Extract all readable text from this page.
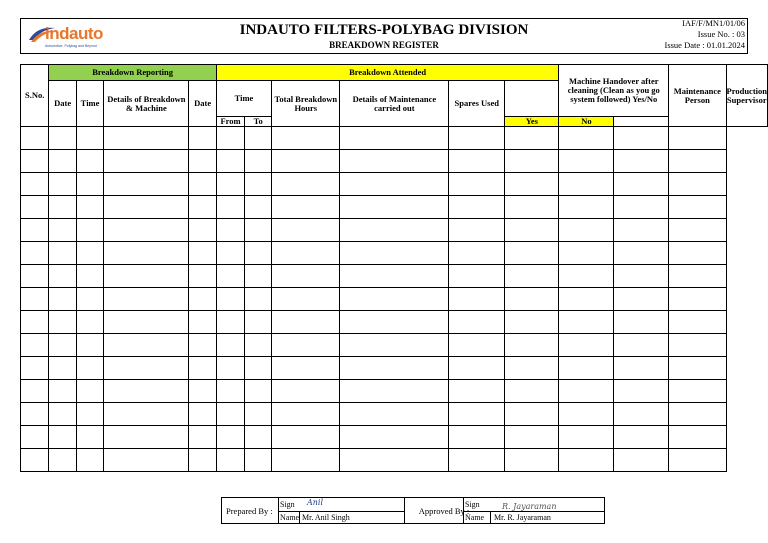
indauto
Automotive, Polybag and Beyond
INDAUTO FILTERS-POLYBAG DIVISION
BREAKDOWN REGISTER
IAF/F/MN1/01/06
Issue No. : 03
Issue Date : 01.01.2024
S.No.	Breakdown Reporting				Breakdown Attended						Machine Handover after cleaning (Clean as you go system followed) Yes/No		Maintenance Person	Production Supervisor
	Date	Time	Details of Breakdown & Machine	Date	Time		Total Breakdown Hours	Details of Maintenance carried out	Spares Used					
					From	To				Yes	No			

Prepared By :
Sign Anil
Name Mr. Anil Singh
Approved By :
Sign	R. Jayaraman
Name Mr. R. Jayaraman
